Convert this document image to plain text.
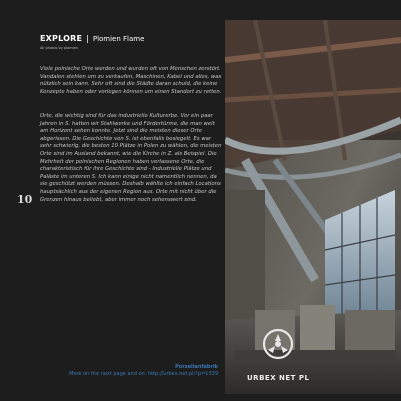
EXPLORE | Plomien Flame
All photos by plomien

Viele polnische Orte werden und wurden oft von Menschen zerstört. Vandalen stehlen um zu verkaufen, Maschinen, Kabel und alles, was nützlich sein kann. Sehr oft sind die Städte daran schuld, die keine Konzepte haben oder vorlegen können um einen Standort zu retten.

Orte, die wichtig sind für das industrielle Kulturerbe. Vor ein paar Jahren in S. hatten wir Stahlwerke und Fördertürme, die man weit am Horizont sehen konnte. Jetzt sind die meisten dieser Orte abgerissen. Die Geschichte von S. ist ebenfalls besiegelt. Es war sehr schwierig, die besten 10 Plätze in Polen zu wählen, die meisten Orte sind im Ausland bekannt, wie die Kirche in Z. als Beispiel. Die Mehrheit der polnischen Regionen haben verlassene Orte, die charakteristisch für ihre Geschichte sind - Industrielle Plätze und Paläste im unteren S. Ich kann einige nicht namentlich nennen, da sie geschützt werden müssen. Deshalb wählte ich einfach Locations hauptsächlich aus der eigenen Region aus. Orte mit nicht über die Grenzen hinaus beliebt, aber immer noch sehenswert sind.

10
Porzellanfabrik
More on the next page and on: http://urbex.net.pl/?p=1339	URBEX NET PL
